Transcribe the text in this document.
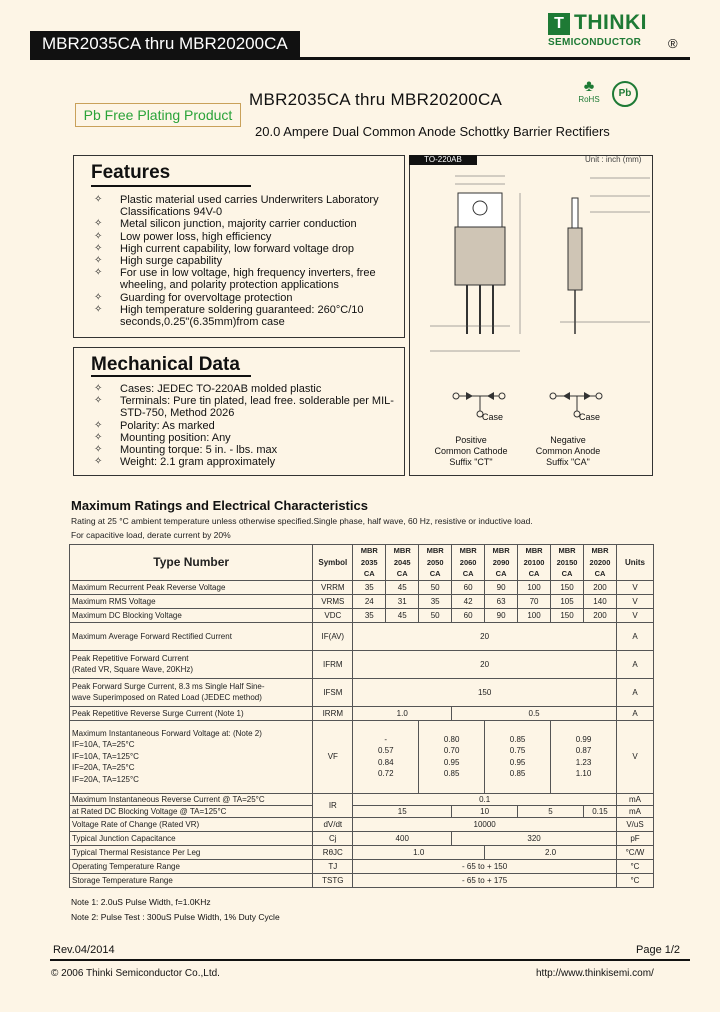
MBR2035CA thru MBR20200CA
T THINKI
SEMICONDUCTOR ®
Pb Free Plating Product
MBR2035CA thru MBR20200CA
20.0 Ampere Dual Common Anode Schottky Barrier Rectifiers
♣
RoHS
Pb
Features
✧ Plastic material used carries Underwriters Laboratory Classifications 94V-0
✧ Metal silicon junction, majority carrier conduction
✧ Low power loss, high efficiency
✧ High current capability, low forward voltage drop
✧ High surge capability
✧ For use in low voltage, high frequency inverters, free wheeling, and polarity protection applications
✧ Guarding for overvoltage protection
✧ High temperature soldering guaranteed: 260°C/10 seconds,0.25"(6.35mm)from case
Mechanical Data
✧ Cases: JEDEC TO-220AB molded plastic
✧ Terminals: Pure tin plated, lead free. solderable per MIL-STD-750, Method 2026
✧ Polarity: As marked
✧ Mounting position: Any
✧ Mounting torque: 5 in. - lbs. max
✧ Weight: 2.1 gram approximately
Case	Case
Positive
Common Cathode
Suffix "CT"
Negative
Common Anode
Suffix "CA"
TO-220AB	Unit : inch (mm)
Maximum Ratings and Electrical Characteristics
Rating at 25 °C ambient temperature unless otherwise specified.Single phase, half wave, 60 Hz, resistive or inductive load.
For capacitive load, derate current by 20%
Type Number	Symbol	MBR
2035
CA	MBR
2045
CA	MBR
2050
CA	MBR
2060
CA	MBR
2090
CA	MBR
20100
CA	MBR
20150
CA	MBR
20200
CA	Units
Maximum Recurrent Peak Reverse Voltage	VRRM	35	45	50	60	90	100	150	200	V
Maximum RMS Voltage	VRMS	24	31	35	42	63	70	105	140	V
Maximum DC Blocking Voltage	VDC	35	45	50	60	90	100	150	200	V
Maximum Average Forward Rectified Current	IF(AV)	20								A

Peak Repetitive Forward Current
(Rated VR, Square Wave, 20KHz)	IFRM	20								A

Peak Forward Surge Current, 8.3 ms Single Half Sine-
wave Superimposed on Rated Load (JEDEC method)	IFSM	150								A
Peak Repetitive Reverse Surge Current (Note 1)	IRRM	1.0			0.5					A

Maximum Instantaneous Forward Voltage at: (Note 2)
IF=10A, TA=25°C
IF=10A, TA=125°C
IF=20A, TA=25°C
IF=20A, TA=125°C	VF	-
0.57
0.84
0.72		0.80
0.70
0.95
0.85		0.85
0.75
0.95
0.85		0.99
0.87
1.23
1.10		V
Maximum Instantaneous Reverse Current @ TA=25°C	IR	0.1								mA
at Rated DC Blocking Voltage @ TA=125°C		15			10		5		0.15	mA
Voltage Rate of Change (Rated VR)	dV/dt	10000								V/uS
Typical Junction Capacitance	Cj	400			320					pF
Typical Thermal Resistance Per Leg	RθJC	1.0				2.0				°C/W
Operating Temperature Range	TJ	- 65 to + 150								°C
Storage Temperature Range	TSTG	- 65 to + 175								°C
Note 1: 2.0uS Pulse Width, f=1.0KHz
Note 2: Pulse Test : 300uS Pulse Width, 1% Duty Cycle
Rev.04/2014	Page 1/2
© 2006 Thinki Semiconductor Co.,Ltd.	http://www.thinkisemi.com/
